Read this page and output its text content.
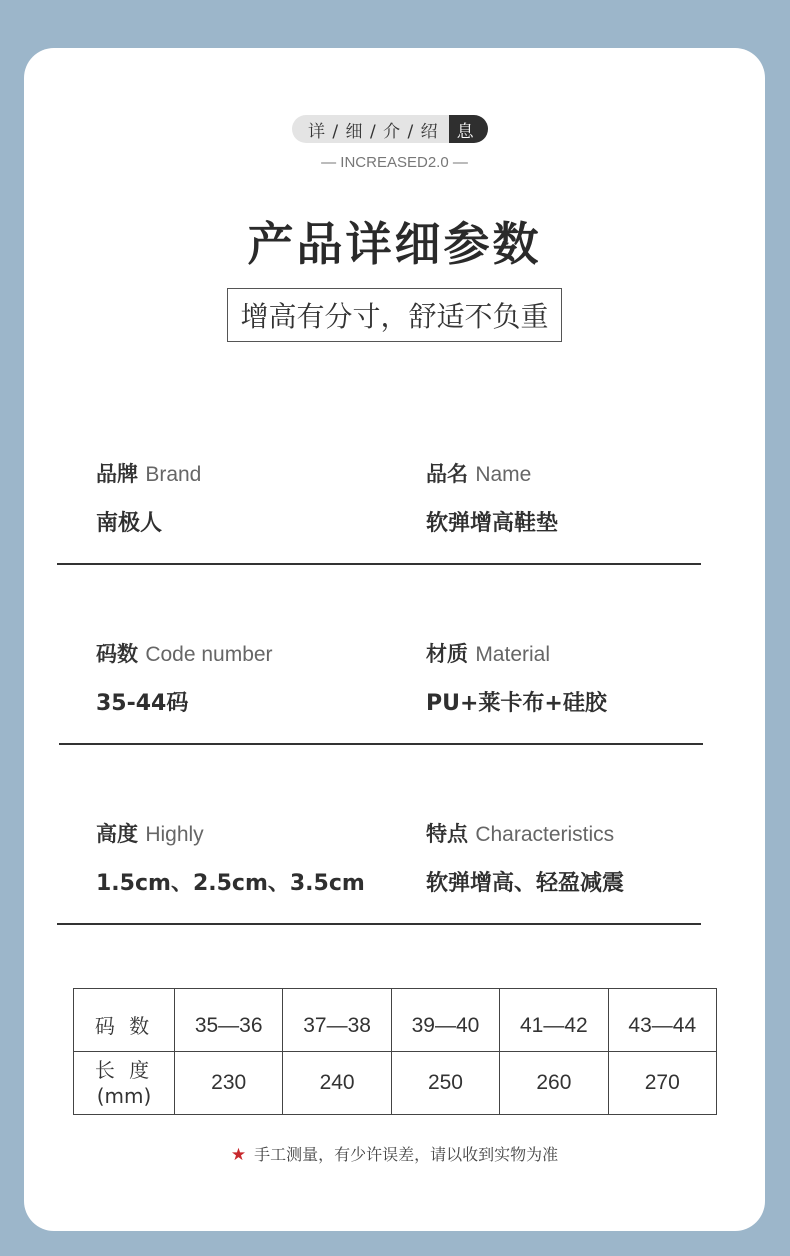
详 / 细 / 介 / 绍	息
— INCREASED2.0 —
产品详细参数
增高有分寸，舒适不负重
品牌 Brand
南极人
品名 Name
软弹增高鞋垫
码数 Code number
35-44码
材质 Material
PU+莱卡布+硅胶
高度 Highly
1.5cm、2.5cm、3.5cm
特点 Characteristics
软弹增高、轻盈减震
码 数	35—36	37—38	39—40	41—42	43—44

长 度
(mm)	230	240	250	260	270
★ 手工测量，有少许误差，请以收到实物为准
